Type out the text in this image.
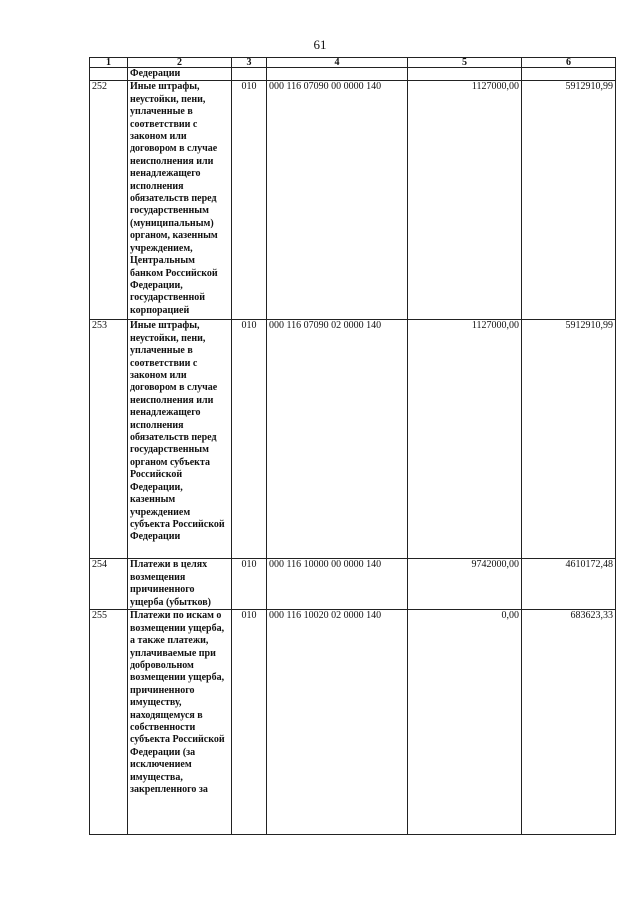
61
1	2	3	4	5	6
	Федерации				
252	Иные штрафы, неустойки, пени, уплаченные в соответствии с законом или договором в случае неисполнения или ненадлежащего исполнения обязательств перед государственным (муниципальным) органом, казенным учреждением, Центральным банком Российской Федерации, государственной корпорацией	010	000 116 07090 00 0000 140	1127000,00	5912910,99
253	Иные штрафы, неустойки, пени, уплаченные в соответствии с законом или договором в случае неисполнения или ненадлежащего исполнения обязательств перед государственным органом субъекта Российской Федерации, казенным учреждением субъекта Российской Федерации	010	000 116 07090 02 0000 140	1127000,00	5912910,99
254	Платежи в целях возмещения причиненного ущерба (убытков)	010	000 116 10000 00 0000 140	9742000,00	4610172,48
255	Платежи по искам о возмещении ущерба, а также платежи, уплачиваемые при добровольном возмещении ущерба, причиненного имуществу, находящемуся в собственности субъекта Российской Федерации (за исключением имущества, закрепленного за	010	000 116 10020 02 0000 140	0,00	683623,33
